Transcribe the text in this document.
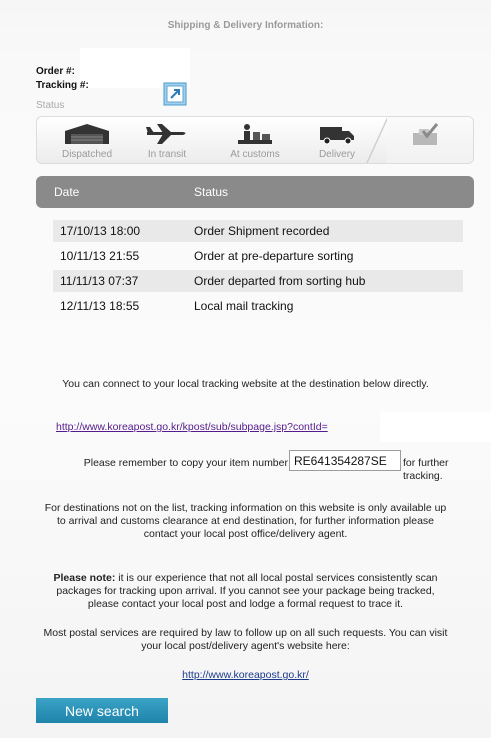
Shipping & Delivery Information:
Order #:
Tracking #:
Status
Dispatched	In transit	At customs	Delivery
Date	Status
17/10/13 18:00	Order Shipment recorded
10/11/13 21:55	Order at pre-departure sorting
11/11/13 07:37	Order departed from sorting hub
12/11/13 18:55	Local mail tracking
You can connect to your local tracking website at the destination below directly.
http://www.koreapost.go.kr/kpost/sub/subpage.jsp?contId=
Please remember to copy your item number
RE641354287SE	for further tracking.
For destinations not on the list, tracking information on this website is only available up to arrival and customs clearance at end destination, for further information please contact your local post office/delivery agent.
Please note: it is our experience that not all local postal services consistently scan packages for tracking upon arrival. If you cannot see your package being tracked, please contact your local post and lodge a formal request to trace it.
Most postal services are required by law to follow up on all such requests. You can visit your local post/delivery agent's website here:
http://www.koreapost.go.kr/
New search
